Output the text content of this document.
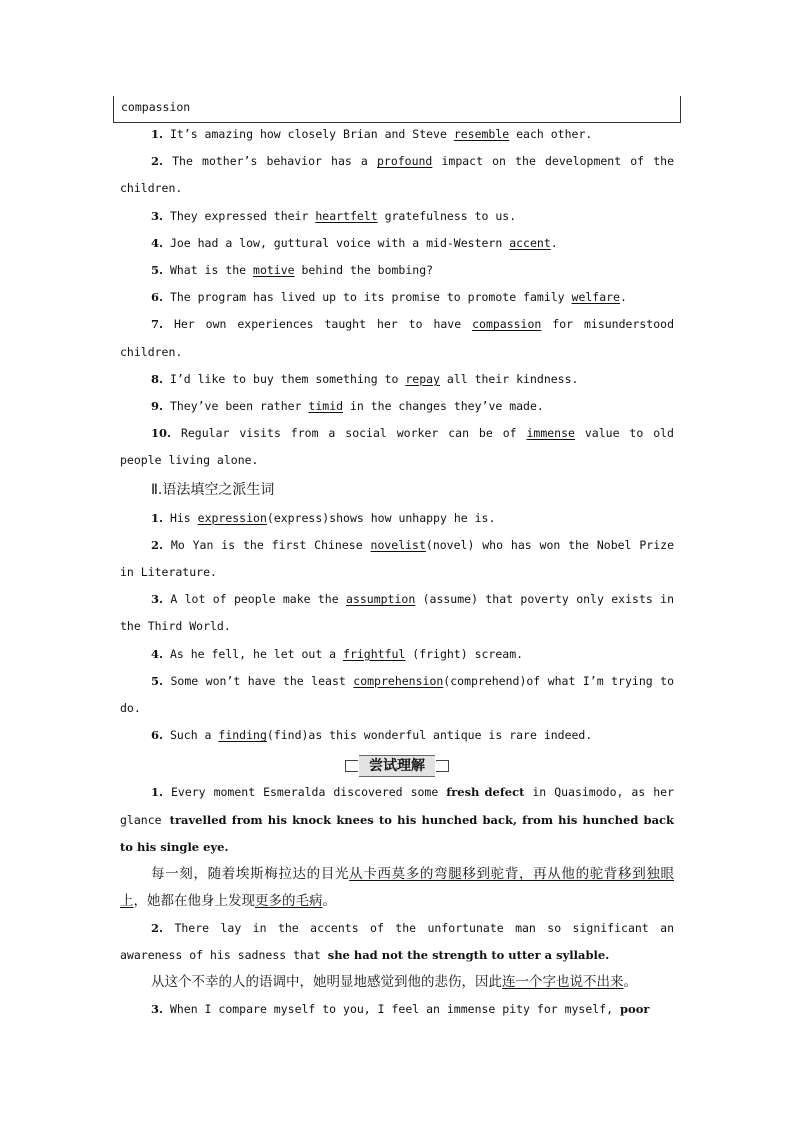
compassion

1. It’s amazing how closely Brian and Steve resemble each other.

2. The mother’s behavior has a profound impact on the development of the children.

3. They expressed their heartfelt gratefulness to us.

4. Joe had a low, guttural voice with a mid-Western accent.

5. What is the motive behind the bombing?

6. The program has lived up to its promise to promote family welfare.

7. Her own experiences taught her to have compassion for misunderstood children.

8. I’d like to buy them something to repay all their kindness.

9. They’ve been rather timid in the changes they’ve made.

10. Regular visits from a social worker can be of immense value to old people living alone.

Ⅱ.语法填空之派生词

1. His expression(express)shows how unhappy he is.

2. Mo Yan is the first Chinese novelist(novel) who has won the Nobel Prize in Literature.

3. A lot of people make the assumption (assume) that poverty only exists in the Third World.

4. As he fell, he let out a frightful (fright) scream.

5. Some won’t have the least comprehension(comprehend)of what I’m trying to do.

6. Such a finding(find)as this wonderful antique is rare indeed.

尝试理解

1. Every moment Esmeralda discovered some fresh defect in Quasimodo, as her glance travelled from his knock knees to his hunched back, from his hunched back to his single eye.

每一刻，随着埃斯梅拉达的目光从卡西莫多的弯腿移到驼背，再从他的驼背移到独眼上，她都在他身上发现更多的毛病。

2. There lay in the accents of the unfortunate man so significant an awareness of his sadness that she had not the strength to utter a syllable.

从这个不幸的人的语调中，她明显地感觉到他的悲伤，因此连一个字也说不出来。

3. When I compare myself to you, I feel an immense pity for myself, poor
